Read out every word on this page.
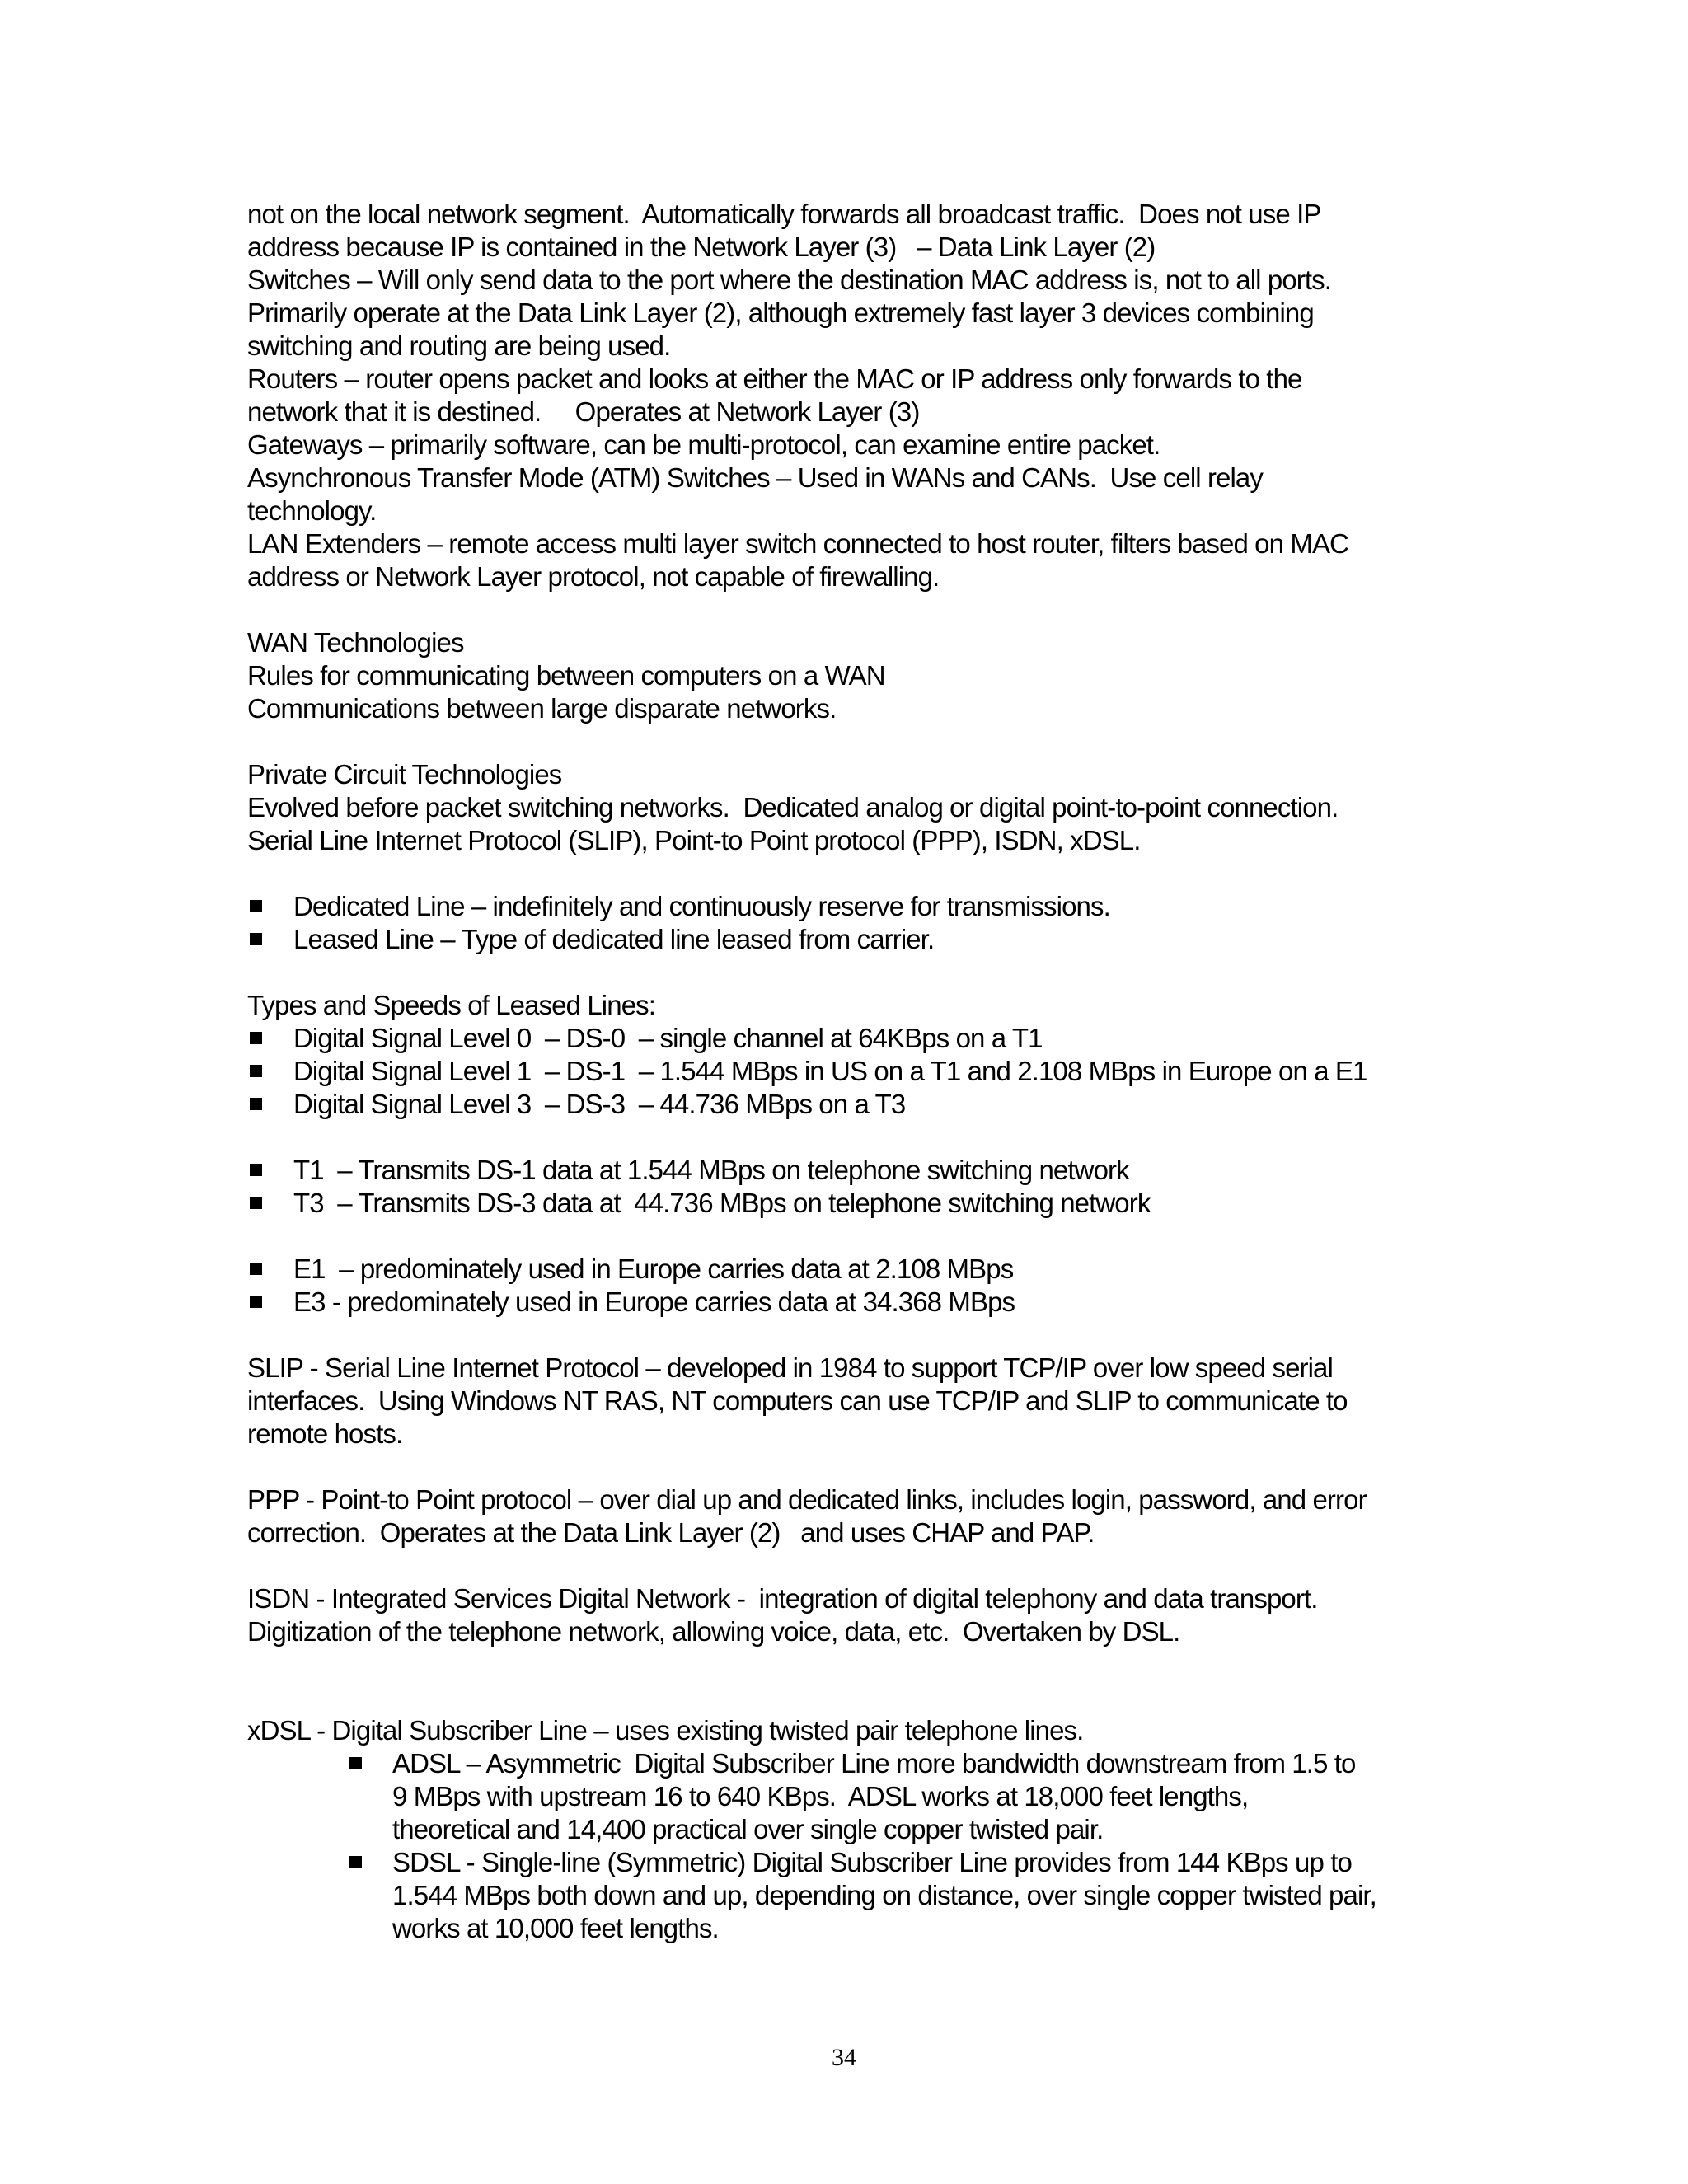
not on the local network segment.  Automatically forwards all broadcast traffic.  Does not use IP

address because IP is contained in the Network Layer (3)   – Data Link Layer (2)

Switches – Will only send data to the port where the destination MAC address is, not to all ports.

Primarily operate at the Data Link Layer (2), although extremely fast layer 3 devices combining

switching and routing are being used.

Routers – router opens packet and looks at either the MAC or IP address only forwards to the

network that it is destined.     Operates at Network Layer (3)

Gateways – primarily software, can be multi-protocol, can examine entire packet.

Asynchronous Transfer Mode (ATM) Switches – Used in WANs and CANs.  Use cell relay

technology.

LAN Extenders – remote access multi layer switch connected to host router, filters based on MAC

address or Network Layer protocol, not capable of firewalling.

WAN Technologies

Rules for communicating between computers on a WAN

Communications between large disparate networks.

Private Circuit Technologies

Evolved before packet switching networks.  Dedicated analog or digital point-to-point connection.

Serial Line Internet Protocol (SLIP), Point-to Point protocol (PPP), ISDN, xDSL.

Dedicated Line – indefinitely and continuously reserve for transmissions.
Leased Line – Type of dedicated line leased from carrier.

Types and Speeds of Leased Lines:

Digital Signal Level 0  – DS-0  – single channel at 64KBps on a T1
Digital Signal Level 1  – DS-1  – 1.544 MBps in US on a T1 and 2.108 MBps in Europe on a E1
Digital Signal Level 3  – DS-3  – 44.736 MBps on a T3
T1  – Transmits DS-1 data at 1.544 MBps on telephone switching network
T3  – Transmits DS-3 data at  44.736 MBps on telephone switching network
E1  – predominately used in Europe carries data at 2.108 MBps
E3 - predominately used in Europe carries data at 34.368 MBps

SLIP - Serial Line Internet Protocol – developed in 1984 to support TCP/IP over low speed serial

interfaces.  Using Windows NT RAS, NT computers can use TCP/IP and SLIP to communicate to

remote hosts.

PPP - Point-to Point protocol – over dial up and dedicated links, includes login, password, and error

correction.  Operates at the Data Link Layer (2)   and uses CHAP and PAP.

ISDN - Integrated Services Digital Network -  integration of digital telephony and data transport.

Digitization of the telephone network, allowing voice, data, etc.  Overtaken by DSL.

xDSL - Digital Subscriber Line – uses existing twisted pair telephone lines.

ADSL – Asymmetric  Digital Subscriber Line more bandwidth downstream from 1.5 to
9 MBps with upstream 16 to 640 KBps.  ADSL works at 18,000 feet lengths,
theoretical and 14,400 practical over single copper twisted pair.
SDSL - Single-line (Symmetric) Digital Subscriber Line provides from 144 KBps up to
1.544 MBps both down and up, depending on distance, over single copper twisted pair,
works at 10,000 feet lengths.
34
